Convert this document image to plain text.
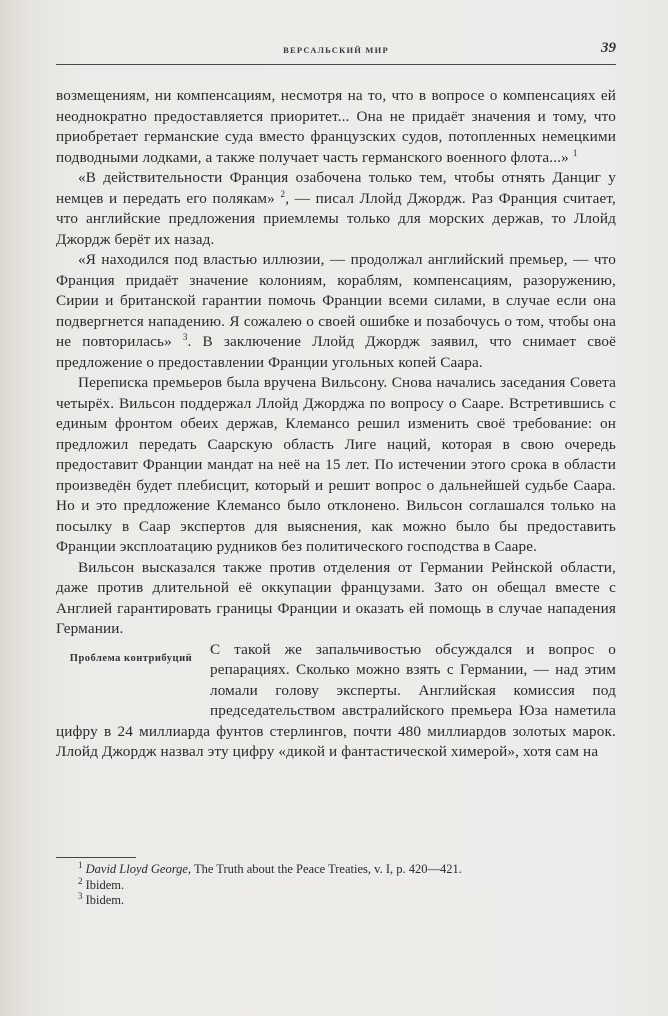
ВЕРСАЛЬСКИЙ МИР	39

возмещениям, ни компенсациям, несмотря на то, что в вопросе о компенсациях ей неоднократно предоставляется приоритет... Она не придаёт значения и тому, что приобретает германские суда вместо французских судов, потопленных немецкими подводными лодками, а также получает часть германского военного флота...» $^1$

«В действительности Франция озабочена только тем, чтобы отнять Данциг у немцев и передать его полякам» $^2$, — писал Ллойд Джордж. Раз Франция считает, что английские предложения приемлемы только для морских держав, то Ллойд Джордж берёт их назад.

«Я находился под властью иллюзии, — продолжал английский премьер, — что Франция придаёт значение колониям, кораблям, компенсациям, разоружению, Сирии и британской гарантии помочь Франции всеми силами, в случае если она подвергнется нападению. Я сожалею о своей ошибке и позабочусь о том, чтобы она не повторилась» $^3$. В заключение Ллойд Джордж заявил, что снимает своё предложение о предоставлении Франции угольных копей Саара.

Переписка премьеров была вручена Вильсону. Снова начались заседания Совета четырёх. Вильсон поддержал Ллойд Джорджа по вопросу о Сааре. Встретившись с единым фронтом обеих держав, Клемансо решил изменить своё требование: он предложил передать Саарскую область Лиге наций, которая в свою очередь предоставит Франции мандат на неё на 15 лет. По истечении этого срока в области произведён будет плебисцит, который и решит вопрос о дальнейшей судьбе Саара. Но и это предложение Клемансо было отклонено. Вильсон соглашался только на посылку в Саар экспертов для выяснения, как можно было бы предоставить Франции эксплоатацию рудников без политического господства в Сааре.

Вильсон высказался также против отделения от Германии Рейнской области, даже против длительной её оккупации французами. Зато он обещал вместе с Англией гарантировать границы Франции и оказать ей помощь в случае нападения Германии.

Проблема контрибуций
С такой же запальчивостью обсуждался и вопрос о репарациях. Сколько можно взять с Германии, — над этим ломали голову эксперты. Английская комиссия под председательством австралийского премьера Юза наметила цифру в 24 миллиарда фунтов стерлингов, почти 480 миллиардов золотых марок. Ллойд Джордж назвал эту цифру «дикой и фантастической химерой», хотя сам на

$^1$ David Lloyd George, The Truth about the Peace Treaties, v. I, p. 420—421.

$^2$ Ibidem.

$^3$ Ibidem.
